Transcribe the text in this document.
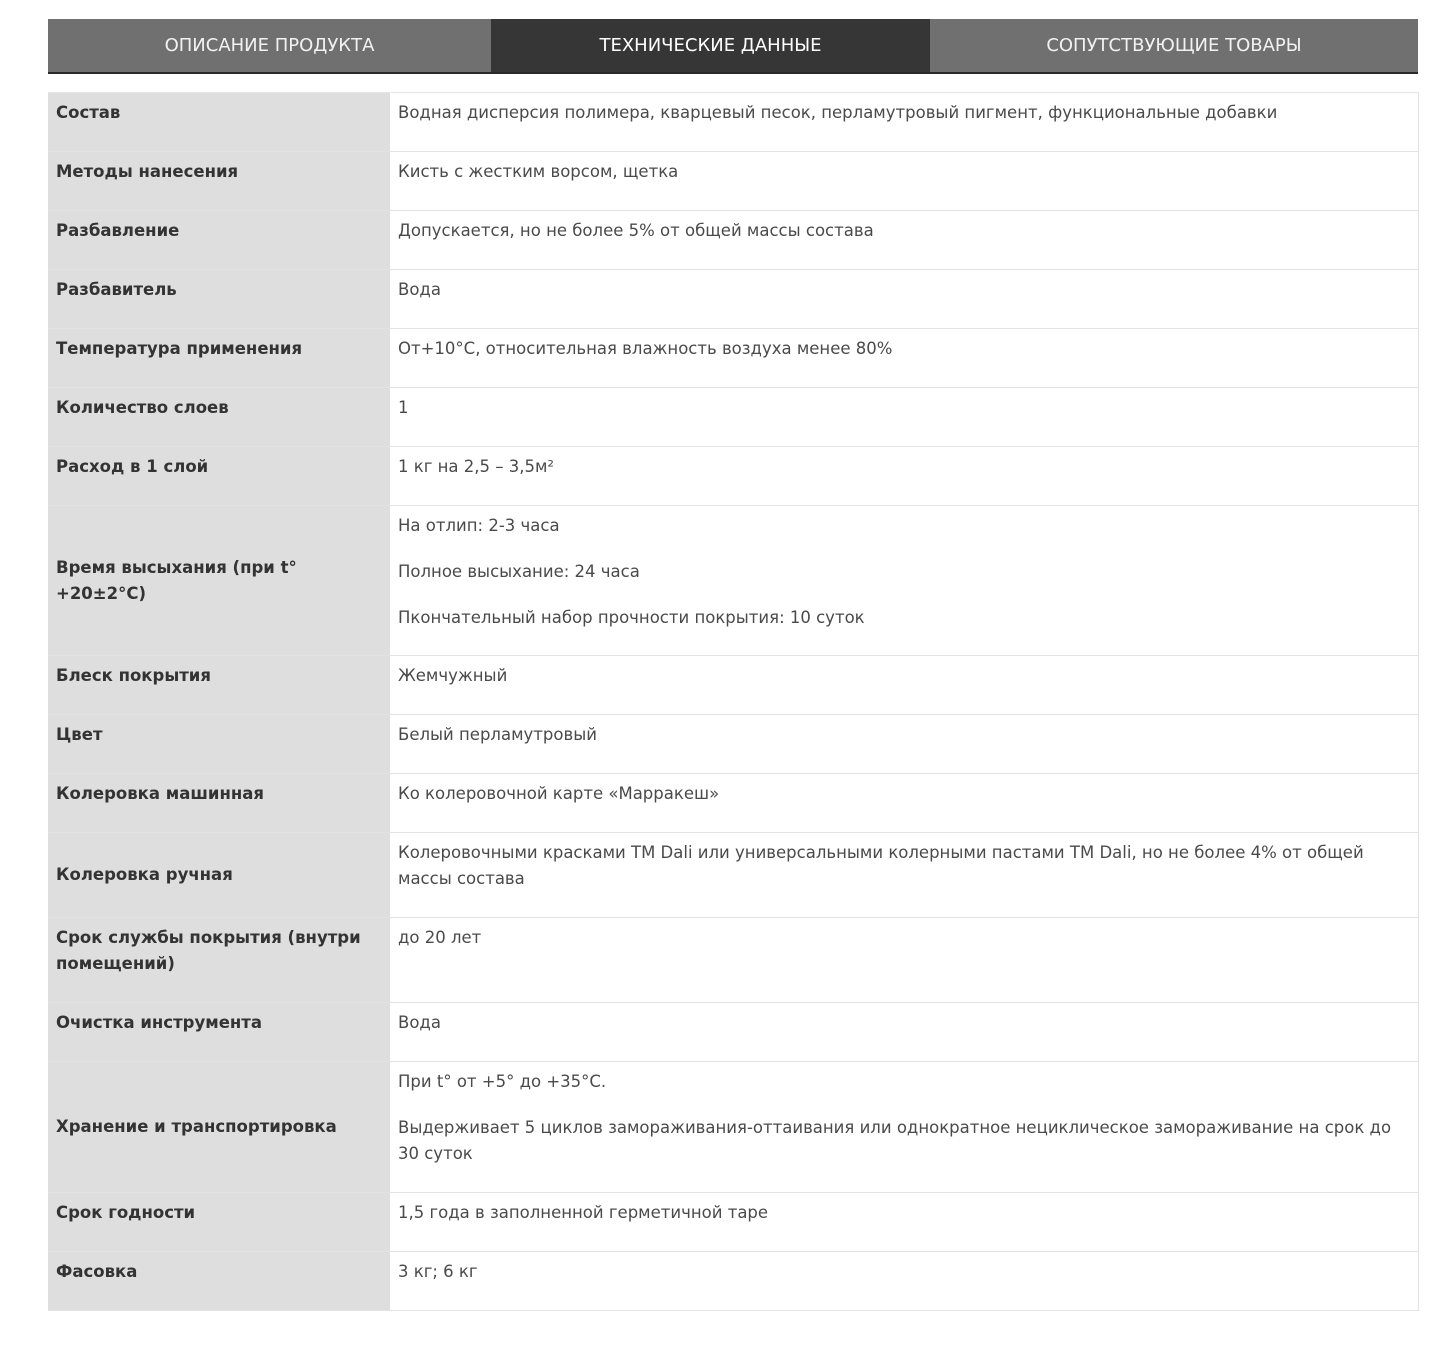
ОПИСАНИЕ ПРОДУКТА	ТЕХНИЧЕСКИЕ ДАННЫЕ	СОПУТСТВУЮЩИЕ ТОВАРЫ
Состав	Водная дисперсия полимера, кварцевый песок, перламутровый пигмент, функциональные добавки

Методы нанесения	Кисть с жестким ворсом, щетка

Разбавление	Допускается, но не более 5% от общей массы состава

Разбавитель	Вода

Температура применения	От+10°С, относительная влажность воздуха менее 80%

Количество слоев	1

Расход в 1 слой	1 кг на 2,5 – 3,5м²

Время высыхания (при t° +20±2°С)	На отлип: 2-3 часа

Полное высыхание: 24 часа

Пкончательный набор прочности покрытия: 10 суток

Блеск покрытия	Жемчужный

Цвет	Белый перламутровый

Колеровка машинная	Ко колеровочной карте «Марракеш»

Колеровка ручная	Колеровочными красками ТМ Dali или универсальными колерными пастами ТМ Dali, но не более 4% от общей массы состава

Срок службы покрытия (внутри помещений)	до 20 лет

Очистка инструмента	Вода

Хранение и транспортировка	При t° от +5° до +35°С.

Выдерживает 5 циклов замораживания-оттаивания или однократное нециклическое замораживание на срок до 30 суток

Срок годности	1,5 года в заполненной герметичной таре

Фасовка	3 кг; 6 кг
